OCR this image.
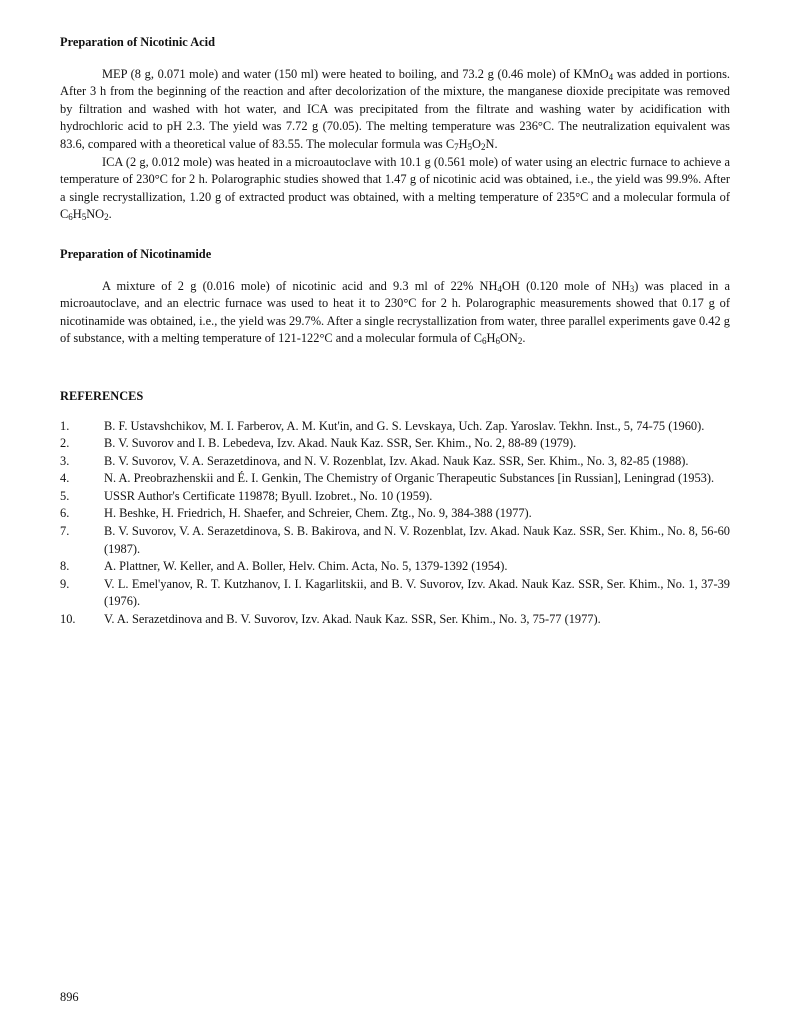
Preparation of Nicotinic Acid

MEP (8 g, 0.071 mole) and water (150 ml) were heated to boiling, and 73.2 g (0.46 mole) of KMnO$_4$ was added in portions. After 3 h from the beginning of the reaction and after decolorization of the mixture, the manganese dioxide precipitate was removed by filtration and washed with hot water, and ICA was precipitated from the filtrate and washing water by acidification with hydrochloric acid to pH 2.3. The yield was 7.72 g (70.05). The melting temperature was 236°C. The neutralization equivalent was 83.6, compared with a theoretical value of 83.55. The molecular formula was $C_7H_5O_2N$.

ICA (2 g, 0.012 mole) was heated in a microautoclave with 10.1 g (0.561 mole) of water using an electric furnace to achieve a temperature of 230°C for 2 h. Polarographic studies showed that 1.47 g of nicotinic acid was obtained, i.e., the yield was 99.9%. After a single recrystallization, 1.20 g of extracted product was obtained, with a melting temperature of 235°C and a molecular formula of $C_6H_5NO_2$.

Preparation of Nicotinamide

A mixture of 2 g (0.016 mole) of nicotinic acid and 9.3 ml of 22% $NH_4OH$ (0.120 mole of $NH_3$) was placed in a microautoclave, and an electric furnace was used to heat it to 230°C for 2 h. Polarographic measurements showed that 0.17 g of nicotinamide was obtained, i.e., the yield was 29.7%. After a single recrystallization from water, three parallel experiments gave 0.42 g of substance, with a melting temperature of 121-122°C and a molecular formula of $C_6H_6ON_2$.

REFERENCES
1.	B. F. Ustavshchikov, M. I. Farberov, A. M. Kut'in, and G. S. Levskaya, Uch. Zap. Yaroslav. Tekhn. Inst., 5, 74-75 (1960).
2.	B. V. Suvorov and I. B. Lebedeva, Izv. Akad. Nauk Kaz. SSR, Ser. Khim., No. 2, 88-89 (1979).
3.	B. V. Suvorov, V. A. Serazetdinova, and N. V. Rozenblat, Izv. Akad. Nauk Kaz. SSR, Ser. Khim., No. 3, 82-85 (1988).
4.	N. A. Preobrazhenskii and É. I. Genkin, The Chemistry of Organic Therapeutic Substances [in Russian], Leningrad (1953).
5.	USSR Author's Certificate 119878; Byull. Izobret., No. 10 (1959).
6.	H. Beshke, H. Friedrich, H. Shaefer, and Schreier, Chem. Ztg., No. 9, 384-388 (1977).
7.	B. V. Suvorov, V. A. Serazetdinova, S. B. Bakirova, and N. V. Rozenblat, Izv. Akad. Nauk Kaz. SSR, Ser. Khim., No. 8, 56-60 (1987).
8.	A. Plattner, W. Keller, and A. Boller, Helv. Chim. Acta, No. 5, 1379-1392 (1954).
9.	V. L. Emel'yanov, R. T. Kutzhanov, I. I. Kagarlitskii, and B. V. Suvorov, Izv. Akad. Nauk Kaz. SSR, Ser. Khim., No. 1, 37-39 (1976).
10.	V. A. Serazetdinova and B. V. Suvorov, Izv. Akad. Nauk Kaz. SSR, Ser. Khim., No. 3, 75-77 (1977).
896
